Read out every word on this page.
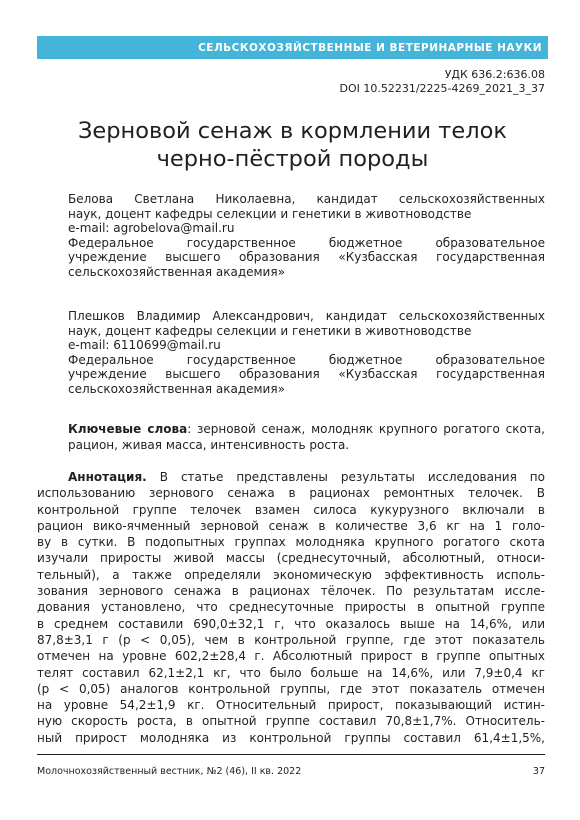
СЕЛЬСКОХОЗЯЙСТВЕННЫЕ И ВЕТЕРИНАРНЫЕ НАУКИ
УДК 636.2:636.08
DOI 10.52231/2225-4269_2021_3_37
Зерновой сенаж в кормлении телок
черно-пёстрой породы

Белова Светлана Николаевна, кандидат сельскохозяйственных

наук, доцент кафедры селекции и генетики в животноводстве

e-mail: agrobelova@mail.ru

Федеральное государственное бюджетное образовательное

учреждение высшего образования «Кузбасская государственная

сельскохозяйственная академия»

Плешков Владимир Александрович, кандидат сельскохозяйственных

наук, доцент кафедры селекции и генетики в животноводстве

e-mail: 6110699@mail.ru

Федеральное государственное бюджетное образовательное

учреждение высшего образования «Кузбасская государственная

сельскохозяйственная академия»

Ключевые слова: зерновой сенаж, молодняк крупного рогатого скота, рацион, живая масса, интенсивность роста.
Аннотация. В статье представлены результаты исследования по
использованию зернового сенажа в рационах ремонтных телочек. В
контрольной группе телочек взамен силоса кукурузного включали в
рацион вико-ячменный зерновой сенаж в количестве 3,6 кг на 1 голо-
ву в сутки. В подопытных группах молодняка крупного рогатого скота
изучали приросты живой массы (среднесуточный, абсолютный, относи-
тельный), а также определяли экономическую эффективность исполь-
зования зернового сенажа в рационах тёлочек. По результатам иссле-
дования установлено, что среднесуточные приросты в опытной группе
в среднем составили 690,0±32,1 г, что оказалось выше на 14,6%, или
87,8±3,1 г (р < 0,05), чем в контрольной группе, где этот показатель
отмечен на уровне 602,2±28,4 г. Абсолютный прирост в группе опытных
телят составил 62,1±2,1 кг, что было больше на 14,6%, или 7,9±0,4 кг
(р < 0,05) аналогов контрольной группы, где этот показатель отмечен
на уровне 54,2±1,9 кг. Относительный прирост, показывающий истин-
ную скорость роста, в опытной группе составил 70,8±1,7%. Относитель-
ный прирост молодняка из контрольной группы составил 61,4±1,5%,
Молочнохозяйственный вестник, №2 (46), II кв. 2022	37
